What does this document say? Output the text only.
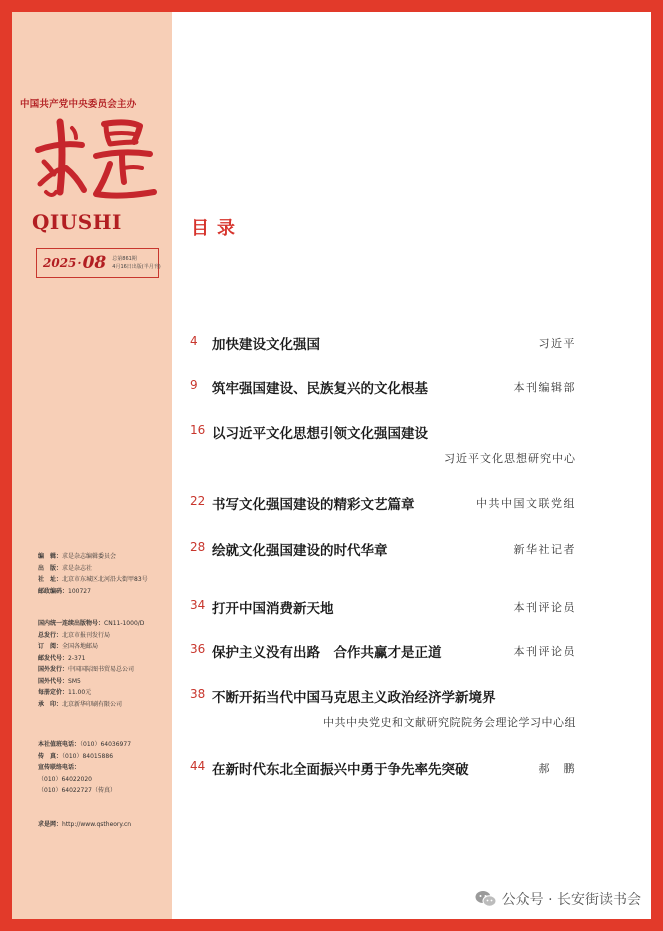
中国共产党中央委员会主办
QIUSHI
2025 · 08 总第861期
4月16日出版(半月刊)
编　辑：求是杂志编辑委员会
出　版：求是杂志社
社　址：北京市东城区北河沿大街甲83号
邮政编码：100727
国内统一连续出版物号：CN11-1000/D
总发行：北京市报刊发行局
订　阅：全国各地邮局
邮发代号：2-371
国外发行：中国国际图书贸易总公司
国外代号：SM5
每册定价：11.00元
承　印：北京新华印刷有限公司
本社值班电话：（010）64036977
传　真：（010）84015886
宣传联络电话：
（010）64022020
（010）64022727（传真）
求是网：http://www.qstheory.cn
目录
4 加快建设文化强国	习近平
9 筑牢强国建设、民族复兴的文化根基	本刊编辑部
16 以习近平文化思想引领文化强国建设
习近平文化思想研究中心
22 书写文化强国建设的精彩文艺篇章	中共中国文联党组
28 绘就文化强国建设的时代华章	新华社记者
34 打开中国消费新天地	本刊评论员
36 保护主义没有出路　合作共赢才是正道	本刊评论员
38 不断开拓当代中国马克思主义政治经济学新境界
中共中央党史和文献研究院院务会理论学习中心组
44 在新时代东北全面振兴中勇于争先率先突破	郝　鹏
公众号 · 长安街读书会
